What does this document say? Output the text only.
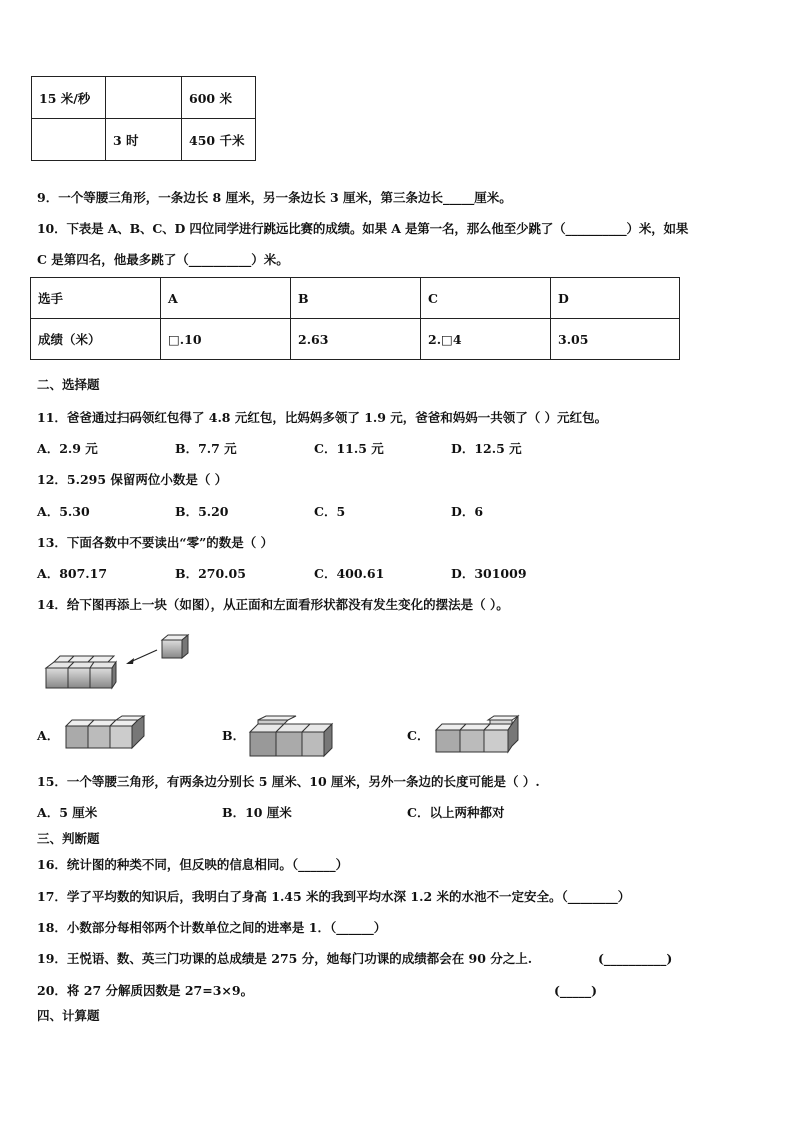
15 米/秒		600 米
	3 时	450 千米
9．一个等腰三角形，一条边长 8 厘米，另一条边长 3 厘米，第三条边长_____厘米。
10．下表是 A、B、C、D 四位同学进行跳远比赛的成绩。如果 A 是第一名，那么他至少跳了（__________）米，如果
C 是第四名，他最多跳了（__________）米。
选手	A	B	C	D
成绩（米）	□.10	2.63	2.□4	3.05
二、选择题
11．爸爸通过扫码领红包得了 4.8 元红包，比妈妈多领了 1.9 元，爸爸和妈妈一共领了（ ）元红包。
A．2.9 元	B．7.7 元	C．11.5 元	D．12.5 元
12．5.295 保留两位小数是（ ）
A．5.30	B．5.20	C．5	D．6
13．下面各数中不要读出“零”的数是（ ）
A．807.17	B．270.05	C．400.61	D．301009
14．给下图再添上一块（如图），从正面和左面看形状都没有发生变化的摆法是（ ）。
A．	B．	C．
15．一个等腰三角形，有两条边分别长 5 厘米、10 厘米，另外一条边的长度可能是（ ）.
A．5 厘米	B．10 厘米	C．以上两种都对
三、判断题
16．统计图的种类不同，但反映的信息相同。（______）
17．学了平均数的知识后，我明白了身高 1.45 米的我到平均水深 1.2 米的水池不一定安全。（________）
18．小数部分每相邻两个计数单位之间的进率是 1．（______）
19．王悦语、数、英三门功课的总成绩是 275 分，她每门功课的成绩都会在 90 分之上.	(__________)
20．将 27 分解质因数是 27=3×9。	(_____)
四、计算题
